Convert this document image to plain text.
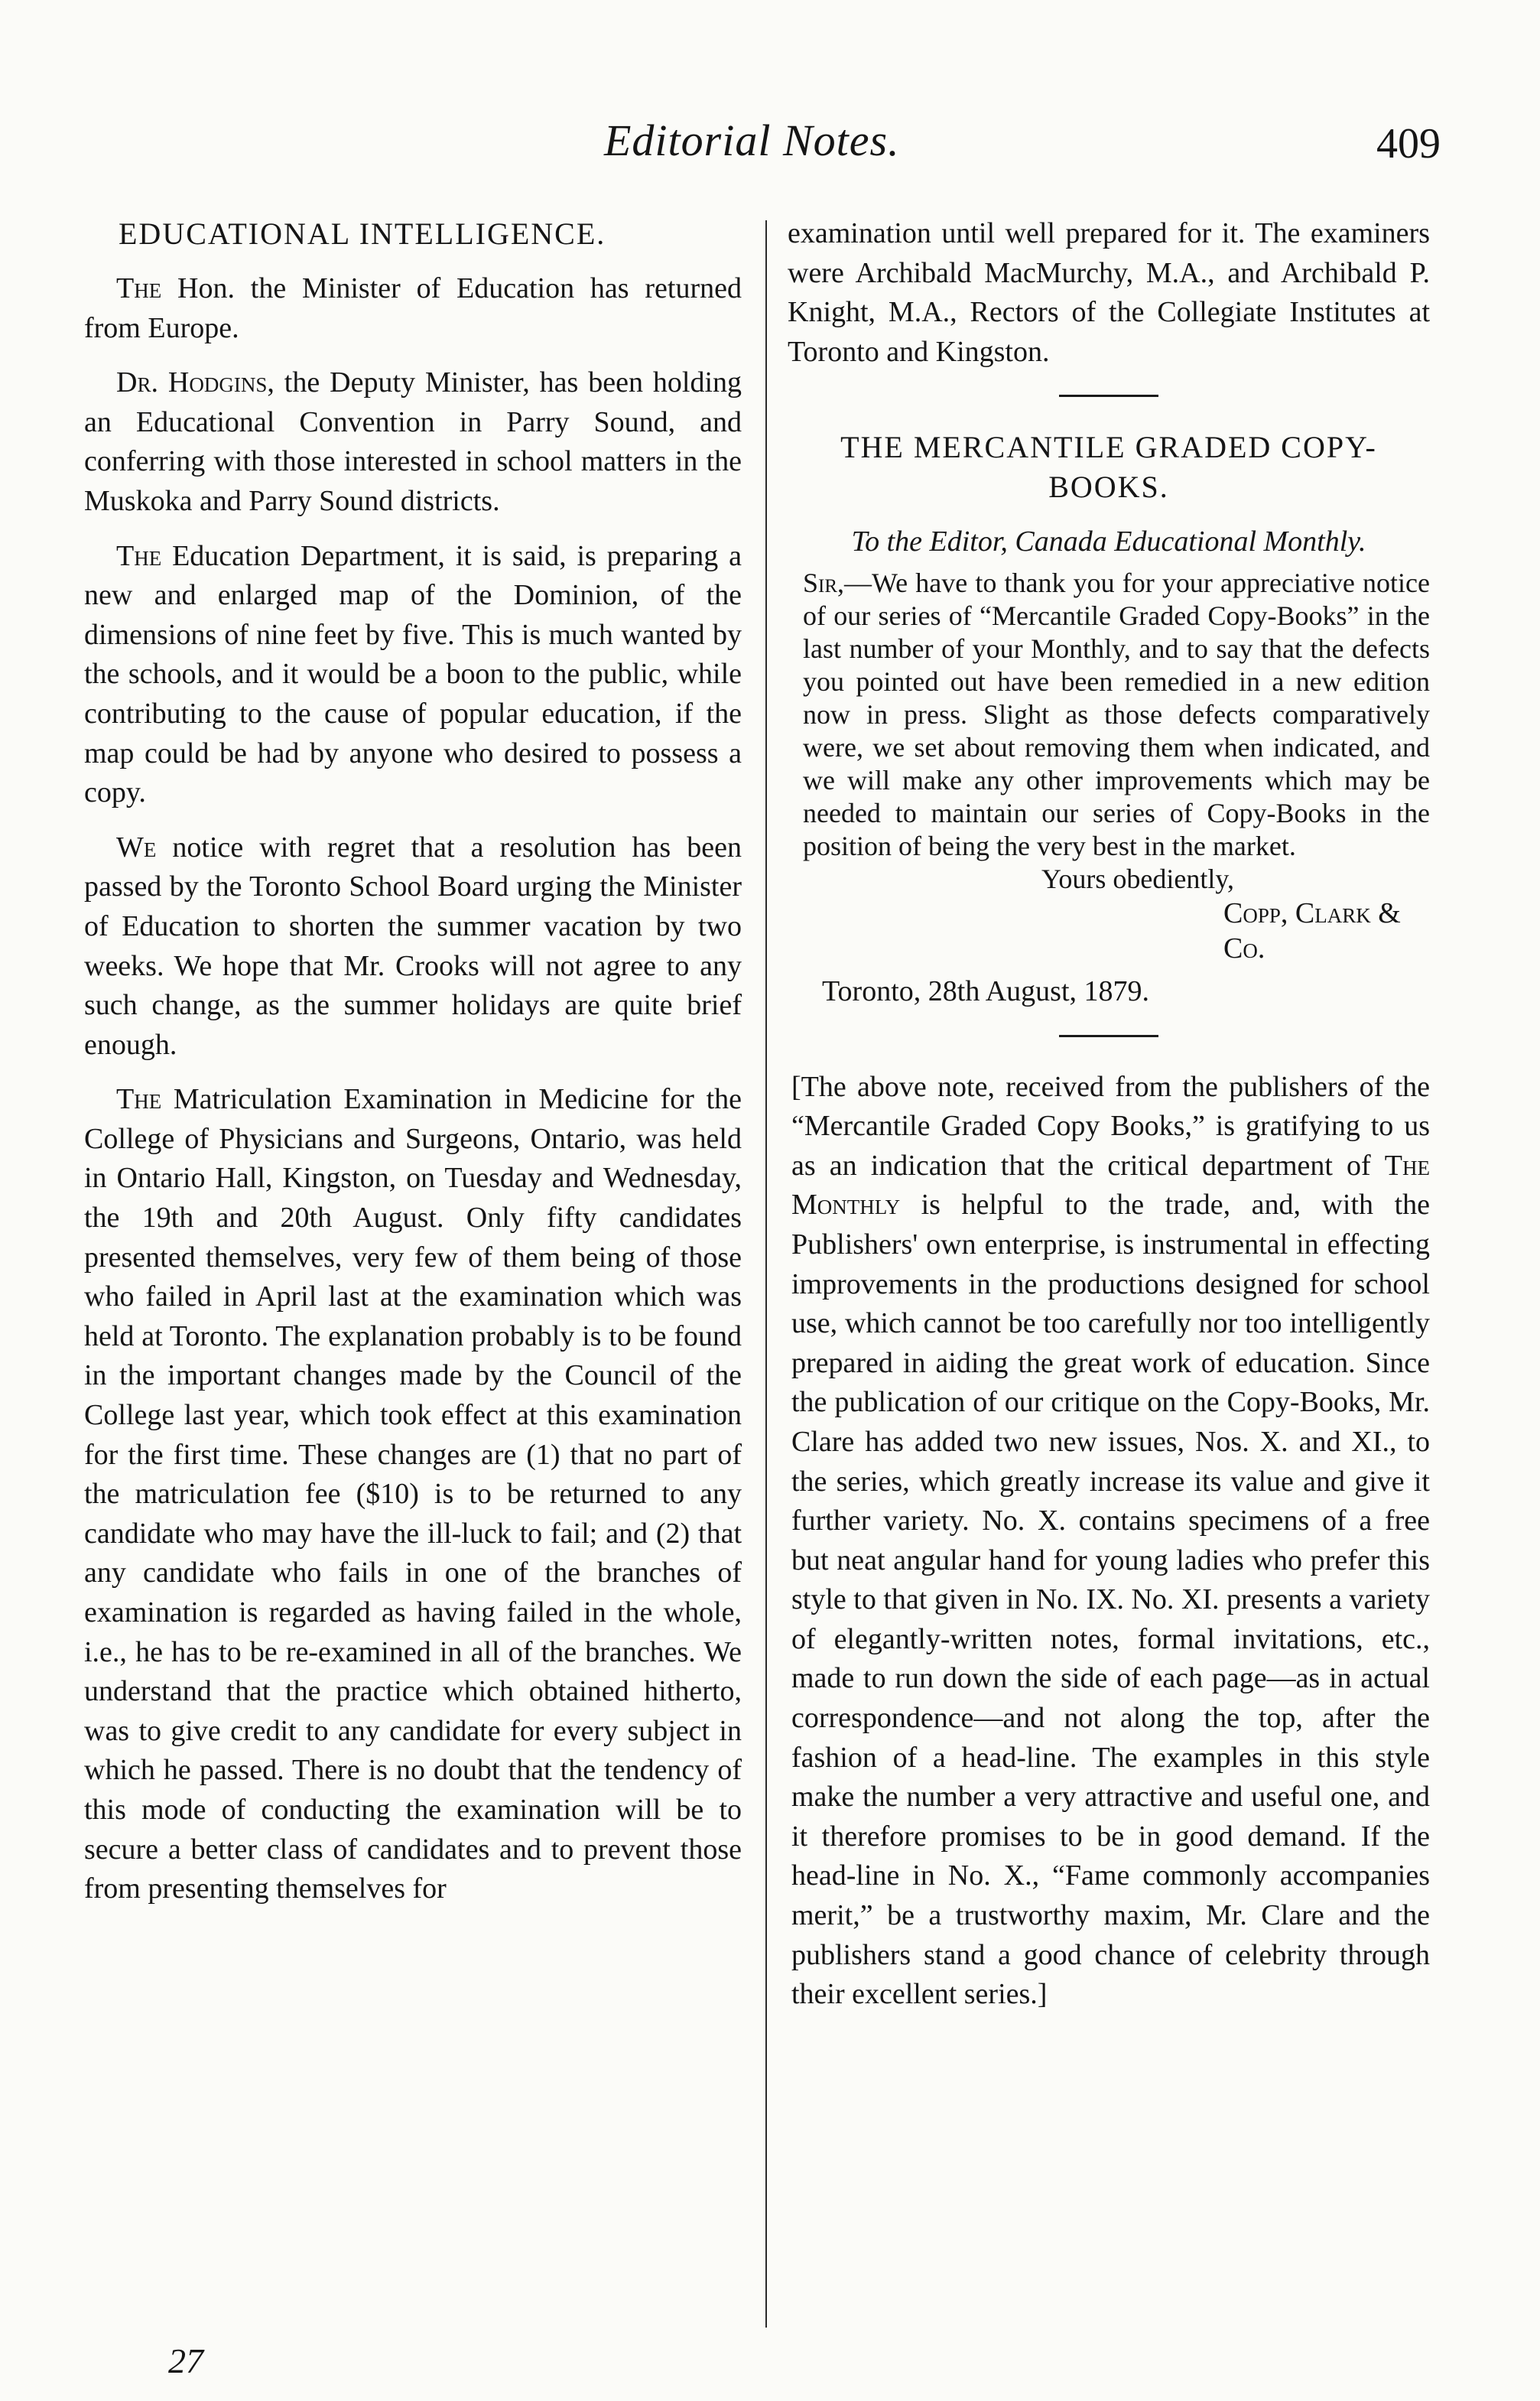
Editorial Notes.	409
EDUCATIONAL INTELLIGENCE.

The Hon. the Minister of Education has returned from Europe.

Dr. Hodgins, the Deputy Minister, has been holding an Educational Convention in Parry Sound, and conferring with those interested in school matters in the Muskoka and Parry Sound districts.

The Education Department, it is said, is preparing a new and enlarged map of the Dominion, of the dimensions of nine feet by five. This is much wanted by the schools, and it would be a boon to the public, while contributing to the cause of popular education, if the map could be had by anyone who desired to possess a copy.

We notice with regret that a resolution has been passed by the Toronto School Board urging the Minister of Education to shorten the summer vacation by two weeks. We hope that Mr. Crooks will not agree to any such change, as the summer holidays are quite brief enough.

The Matriculation Examination in Medicine for the College of Physicians and Surgeons, Ontario, was held in Ontario Hall, Kingston, on Tuesday and Wednesday, the 19th and 20th August. Only fifty candidates presented themselves, very few of them being of those who failed in April last at the examination which was held at Toronto. The explanation probably is to be found in the important changes made by the Council of the College last year, which took effect at this examination for the first time. These changes are (1) that no part of the matriculation fee ($10) is to be returned to any candidate who may have the ill-luck to fail; and (2) that any candidate who fails in one of the branches of examination is regarded as having failed in the whole, i.e., he has to be re-examined in all of the branches. We understand that the practice which obtained hitherto, was to give credit to any candidate for every subject in which he passed. There is no doubt that the tendency of this mode of conducting the examination will be to secure a better class of candidates and to prevent those from presenting themselves for

examination until well prepared for it. The examiners were Archibald MacMurchy, M.A., and Archibald P. Knight, M.A., Rectors of the Collegiate Institutes at Toronto and Kingston.

THE MERCANTILE GRADED COPY-BOOKS.

To the Editor, Canada Educational Monthly.

Sir,—We have to thank you for your appreciative notice of our series of “Mercantile Graded Copy-Books” in the last number of your Monthly, and to say that the defects you pointed out have been remedied in a new edition now in press. Slight as those defects comparatively were, we set about removing them when indicated, and we will make any other improvements which may be needed to maintain our series of Copy-Books in the position of being the very best in the market.

Yours obediently,

Copp, Clark & Co.

Toronto, 28th August, 1879.

[The above note, received from the publishers of the “Mercantile Graded Copy Books,” is gratifying to us as an indication that the critical department of The Monthly is helpful to the trade, and, with the Publishers' own enterprise, is instrumental in effecting improvements in the productions designed for school use, which cannot be too carefully nor too intelligently prepared in aiding the great work of education. Since the publication of our critique on the Copy-Books, Mr. Clare has added two new issues, Nos. X. and XI., to the series, which greatly increase its value and give it further variety. No. X. contains specimens of a free but neat angular hand for young ladies who prefer this style to that given in No. IX. No. XI. presents a variety of elegantly-written notes, formal invitations, etc., made to run down the side of each page—as in actual correspondence—and not along the top, after the fashion of a head-line. The examples in this style make the number a very attractive and useful one, and it therefore promises to be in good demand. If the head-line in No. X., “Fame commonly accompanies merit,” be a trustworthy maxim, Mr. Clare and the publishers stand a good chance of celebrity through their excellent series.]

27
